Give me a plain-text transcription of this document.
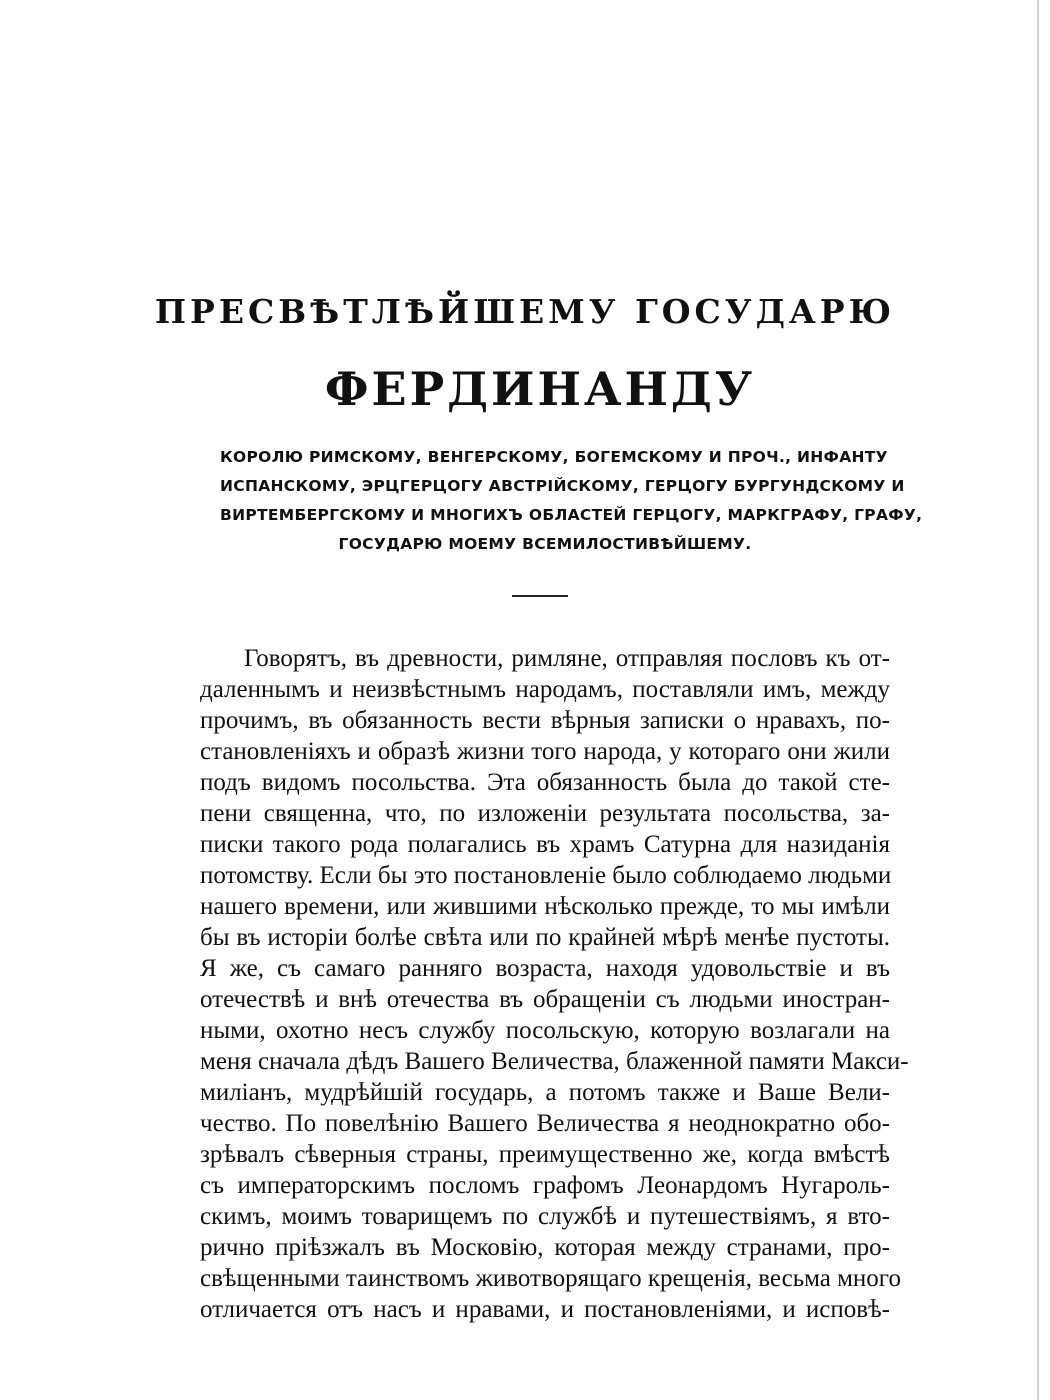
ПРЕСВѢТЛѢЙШЕМУ ГОСУДАРЮ
ФЕРДИНАНДУ
КОРОЛЮ РИМСКОМУ, ВЕНГЕРСКОМУ, БОГЕМСКОМУ И ПРОЧ., ИНФАНТУ
ИСПАНСКОМУ, ЭРЦГЕРЦОГУ АВСТРІЙСКОМУ, ГЕРЦОГУ БУРГУНДСКОМУ И
ВИРТЕМБЕРГСКОМУ И МНОГИХЪ ОБЛАСТЕЙ ГЕРЦОГУ, МАРКГРАФУ, ГРАФУ,
ГОСУДАРЮ МОЕМУ ВСЕМИЛОСТИВѢЙШЕМУ.
Говорятъ, въ древности, римляне, отправляя пословъ къ от-
даленнымъ и неизвѣстнымъ народамъ, поставляли имъ, между
прочимъ, въ обязанность вести вѣрныя записки о нравахъ, по-
становленіяхъ и образѣ жизни того народа, у котораго они жили
подъ видомъ посольства. Эта обязанность была до такой сте-
пени священна, что, по изложеніи результата посольства, за-
писки такого рода полагались въ храмъ Сатурна для назиданія
потомству. Если бы это постановленіе было соблюдаемо людьми
нашего времени, или жившими нѣсколько прежде, то мы имѣли
бы въ исторіи болѣе свѣта или по крайней мѣрѣ менѣе пустоты.
Я же, съ самаго ранняго возраста, находя удовольствіе и въ
отечествѣ и внѣ отечества въ обращеніи съ людьми иностран-
ными, охотно несъ службу посольскую, которую возлагали на
меня сначала дѣдъ Вашего Величества, блаженной памяти Макси-
миліанъ, мудрѣйшій государь, а потомъ также и Ваше Вели-
чество. По повелѣнію Вашего Величества я неоднократно обо-
зрѣвалъ сѣверныя страны, преимущественно же, когда вмѣстѣ
съ императорскимъ посломъ графомъ Леонардомъ Нугароль-
скимъ, моимъ товарищемъ по службѣ и путешествіямъ, я вто-
рично пріѣзжалъ въ Московію, которая между странами, про-
свѣщенными таинствомъ животворящаго крещенія, весьма много
отличается отъ насъ и нравами, и постановленіями, и исповѣ-
